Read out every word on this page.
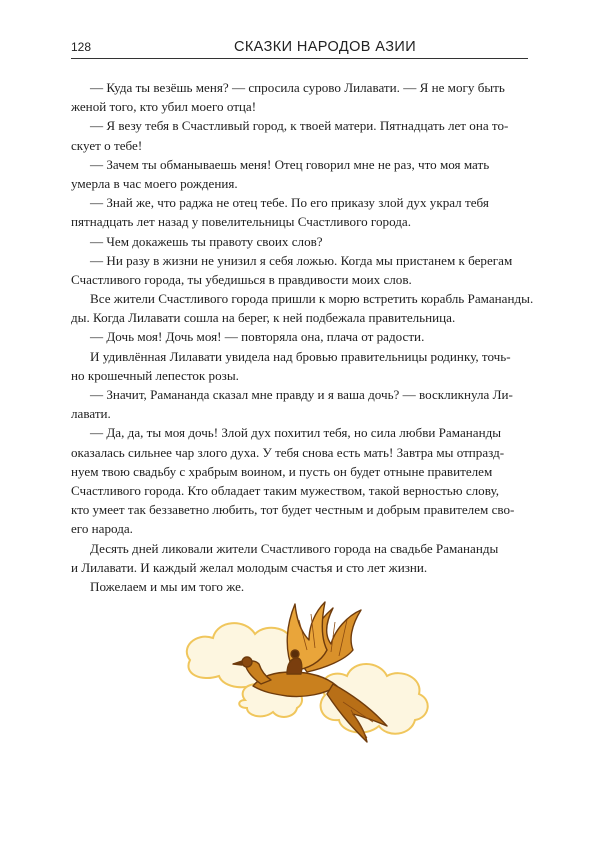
128	СКАЗКИ НАРОДОВ АЗИИ
— Куда ты везёшь меня? — спросила сурово Лилавати. — Я не могу быть
женой того, кто убил моего отца!
— Я везу тебя в Счастливый город, к твоей матери. Пятнадцать лет она то-
скует о тебе!
— Зачем ты обманываешь меня! Отец говорил мне не раз, что моя мать
умерла в час моего рождения.
— Знай же, что раджа не отец тебе. По его приказу злой дух украл тебя
пятнадцать лет назад у повелительницы Счастливого города.
— Чем докажешь ты правоту своих слов?
— Ни разу в жизни не унизил я себя ложью. Когда мы пристанем к берегам
Счастливого города, ты убедишься в правдивости моих слов.
Все жители Счастливого города пришли к морю встретить корабль Рамананды.
ды. Когда Лилавати сошла на берег, к ней подбежала правительница.
— Дочь моя! Дочь моя! — повторяла она, плача от радости.
И удивлённая Лилавати увидела над бровью правительницы родинку, точь-
но крошечный лепесток розы.
— Значит, Рамананда сказал мне правду и я ваша дочь? — воскликнула Ли-
лавати.
— Да, да, ты моя дочь! Злой дух похитил тебя, но сила любви Рамананды
оказалась сильнее чар злого духа. У тебя снова есть мать! Завтра мы отпразд-
нуем твою свадьбу с храбрым воином, и пусть он будет отныне правителем
Счастливого города. Кто обладает таким мужеством, такой верностью слову,
кто умеет так беззаветно любить, тот будет честным и добрым правителем сво-
его народа.
Десять дней ликовали жители Счастливого города на свадьбе Рамананды
и Лилавати. И каждый желал молодым счастья и сто лет жизни.
Пожелаем и мы им того же.
